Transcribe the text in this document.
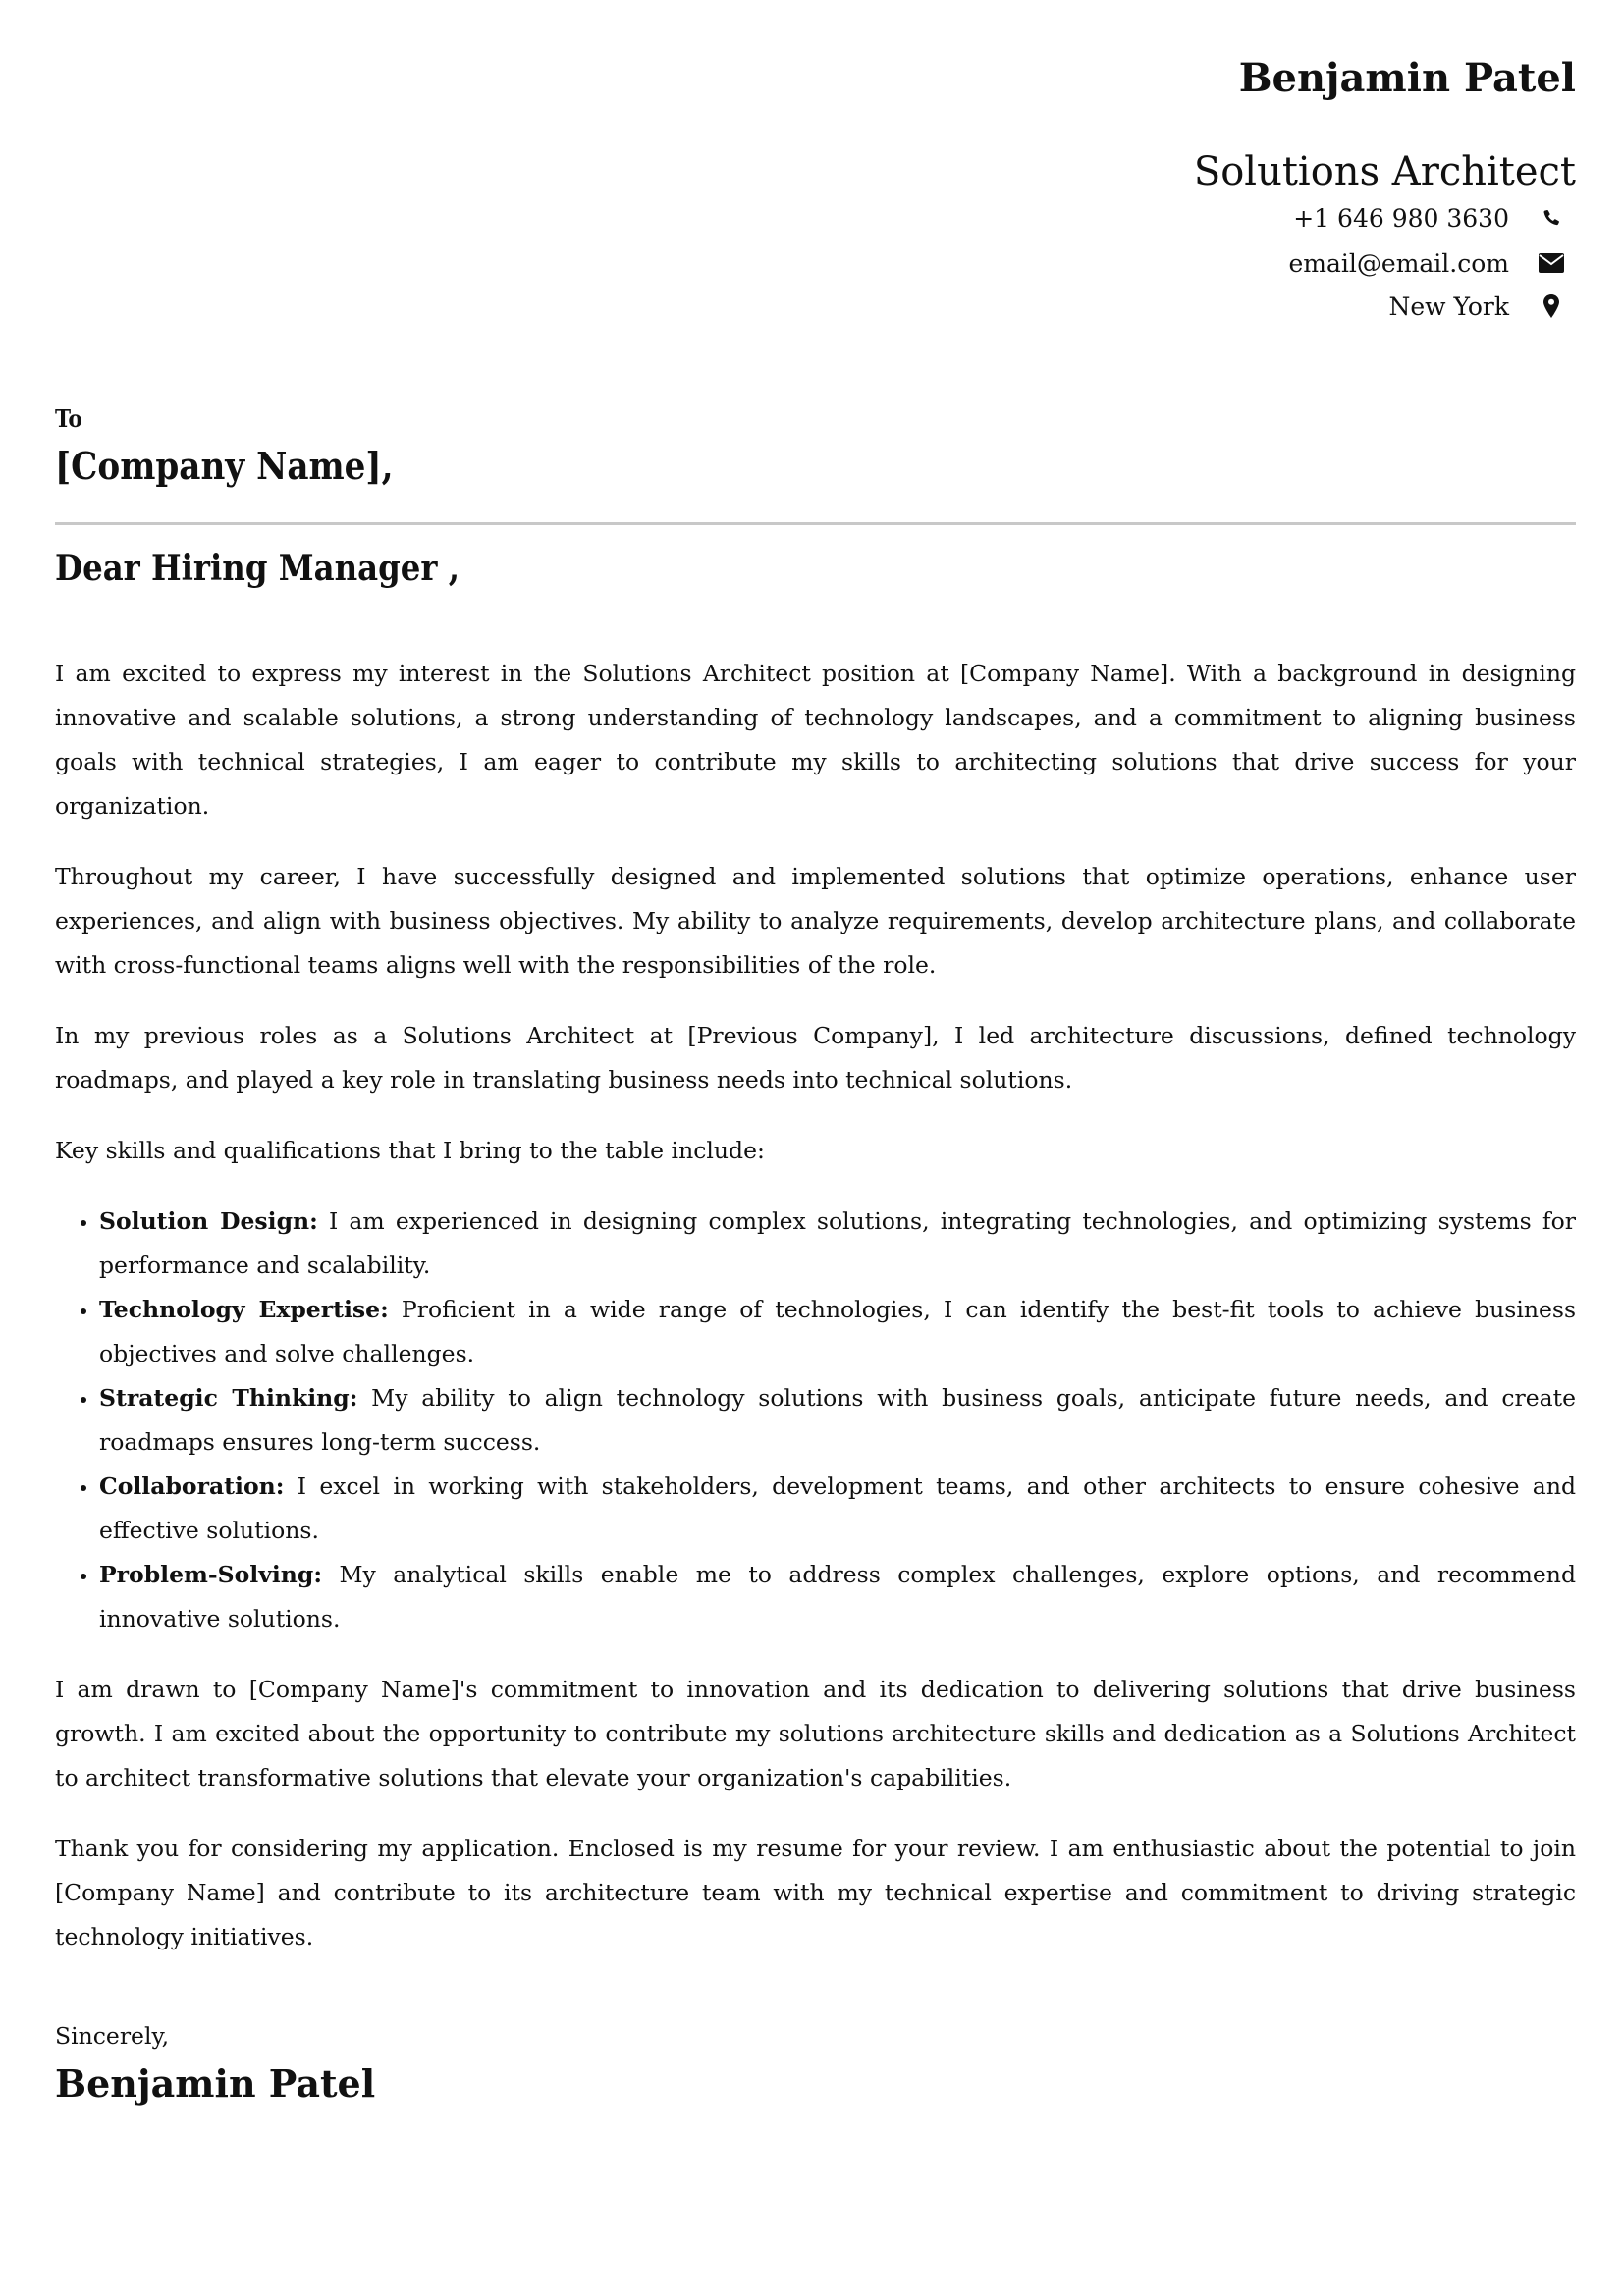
Benjamin Patel
Solutions Architect
+1 646 980 3630
email@email.com
New York
To
[Company Name],
Dear Hiring Manager ,

I am excited to express my interest in the Solutions Architect position at [Company Name]. With a background in designing innovative and scalable solutions, a strong understanding of technology landscapes, and a commitment to aligning business goals with technical strategies, I am eager to contribute my skills to architecting solutions that drive success for your organization.

Throughout my career, I have successfully designed and implemented solutions that optimize operations, enhance user experiences, and align with business objectives. My ability to analyze requirements, develop architecture plans, and collaborate with cross-functional teams aligns well with the responsibilities of the role.

In my previous roles as a Solutions Architect at [Previous Company], I led architecture discussions, defined technology roadmaps, and played a key role in translating business needs into technical solutions.

Key skills and qualifications that I bring to the table include:

• Solution Design: I am experienced in designing complex solutions, integrating technologies, and optimizing systems for performance and scalability.
• Technology Expertise: Proficient in a wide range of technologies, I can identify the best-fit tools to achieve business objectives and solve challenges.
• Strategic Thinking: My ability to align technology solutions with business goals, anticipate future needs, and create roadmaps ensures long-term success.
• Collaboration: I excel in working with stakeholders, development teams, and other architects to ensure cohesive and effective solutions.
• Problem-Solving: My analytical skills enable me to address complex challenges, explore options, and recommend innovative solutions.

I am drawn to [Company Name]'s commitment to innovation and its dedication to delivering solutions that drive business growth. I am excited about the opportunity to contribute my solutions architecture skills and dedication as a Solutions Architect to architect transformative solutions that elevate your organization's capabilities.

Thank you for considering my application. Enclosed is my resume for your review. I am enthusiastic about the potential to join [Company Name] and contribute to its architecture team with my technical expertise and commitment to driving strategic technology initiatives.

Sincerely,
Benjamin Patel
